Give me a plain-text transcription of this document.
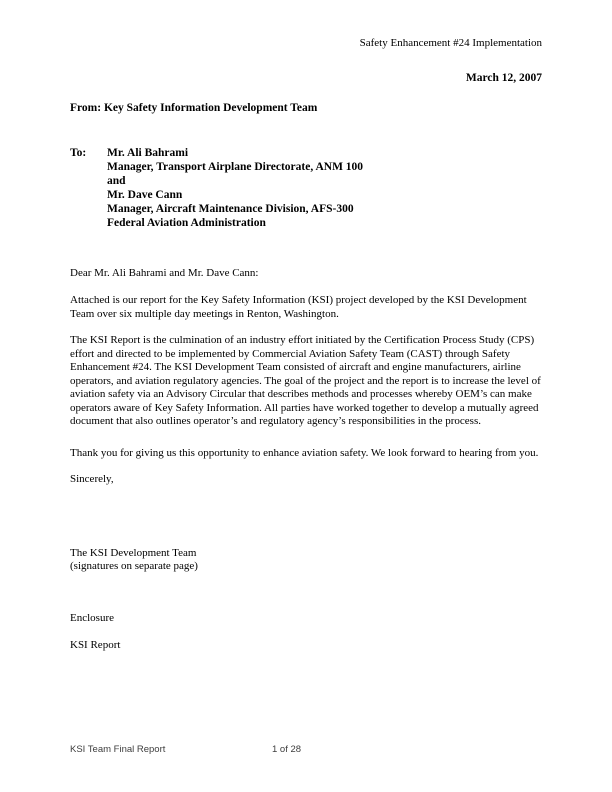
Safety Enhancement #24 Implementation
March 12, 2007
From: Key Safety Information Development Team
To:	Mr. Ali Bahrami
Manager, Transport Airplane Directorate, ANM 100
and
Mr. Dave Cann
Manager, Aircraft Maintenance Division, AFS-300
Federal Aviation Administration
Dear Mr. Ali Bahrami and Mr. Dave Cann:

Attached is our report for the Key Safety Information (KSI) project developed by the KSI Development Team over six multiple day meetings in Renton, Washington.

The KSI Report is the culmination of an industry effort initiated by the Certification Process Study (CPS) effort and directed to be implemented by Commercial Aviation Safety Team (CAST) through Safety Enhancement #24. The KSI Development Team consisted of aircraft and engine manufacturers, airline operators, and aviation regulatory agencies. The goal of the project and the report is to increase the level of aviation safety via an Advisory Circular that describes methods and processes whereby OEM’s can make operators aware of Key Safety Information. All parties have worked together to develop a mutually agreed document that also outlines operator’s and regulatory agency’s responsibilities in the process.

Thank you for giving us this opportunity to enhance aviation safety. We look forward to hearing from you.

Sincerely,
The KSI Development Team
(signatures on separate page)
Enclosure
KSI Report
KSI Team Final Report	1 of 28
